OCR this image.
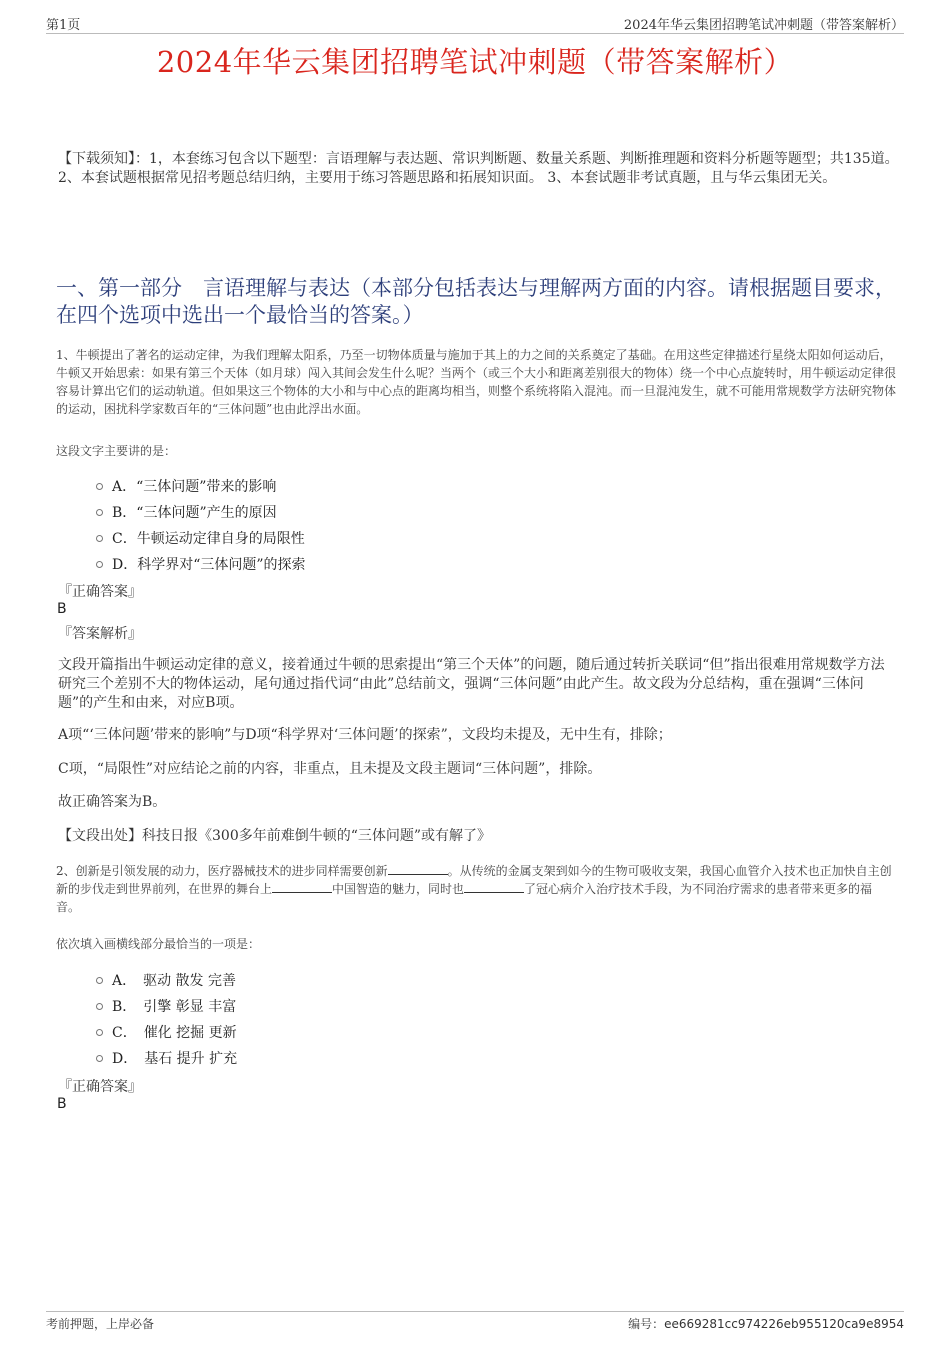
第1页	2024年华云集团招聘笔试冲刺题（带答案解析）
2024年华云集团招聘笔试冲刺题（带答案解析）
【下载须知】：1，本套练习包含以下题型：言语理解与表达题、常识判断题、数量关系题、判断推理题和资料分析题等题型；共135道。 2、本套试题根据常见招考题总结归纳，主要用于练习答题思路和拓展知识面。 3、本套试题非考试真题，且与华云集团无关。
一、第一部分　言语理解与表达（本部分包括表达与理解两方面的内容。请根据题目要求，在四个选项中选出一个最恰当的答案。）
1、牛顿提出了著名的运动定律，为我们理解太阳系，乃至一切物体质量与施加于其上的力之间的关系奠定了基础。在用这些定律描述行星绕太阳如何运动后，牛顿又开始思索：如果有第三个天体（如月球）闯入其间会发生什么呢？当两个（或三个大小和距离差别很大的物体）绕一个中心点旋转时，用牛顿运动定律很容易计算出它们的运动轨道。但如果这三个物体的大小和与中心点的距离均相当，则整个系统将陷入混沌。而一旦混沌发生，就不可能用常规数学方法研究物体的运动，困扰科学家数百年的“三体问题”也由此浮出水面。
这段文字主要讲的是：
A．“三体问题”带来的影响
B．“三体问题”产生的原因
C．牛顿运动定律自身的局限性
D．科学界对“三体问题”的探索
『正确答案』
B
『答案解析』
文段开篇指出牛顿运动定律的意义，接着通过牛顿的思索提出“第三个天体”的问题，随后通过转折关联词“但”指出很难用常规数学方法研究三个差别不大的物体运动，尾句通过指代词“由此”总结前文，强调“三体问题”由此产生。故文段为分总结构，重在强调“三体问题”的产生和由来，对应B项。
A项“‘三体问题’带来的影响”与D项“科学界对‘三体问题’的探索”，文段均未提及，无中生有，排除；
C项，“局限性”对应结论之前的内容，非重点，且未提及文段主题词“三体问题”，排除。
故正确答案为B。
【文段出处】科技日报《300多年前难倒牛顿的“三体问题”或有解了》
2、创新是引领发展的动力，医疗器械技术的进步同样需要创新	。从传统的金属支架到如今的生物可吸收支架，我国心血管介入技术也正加快自主创新的步伐走到世界前列，在世界的舞台上	中国智造的魅力，同时也	了冠心病介入治疗技术手段，为不同治疗需求的患者带来更多的福音。
依次填入画横线部分最恰当的一项是：
A．　驱动 散发 完善
B．　引擎 彰显 丰富
C．　催化 挖掘 更新
D．　基石 提升 扩充
『正确答案』
B
考前押题，上岸必备	编号：ee669281cc974226eb955120ca9e8954
